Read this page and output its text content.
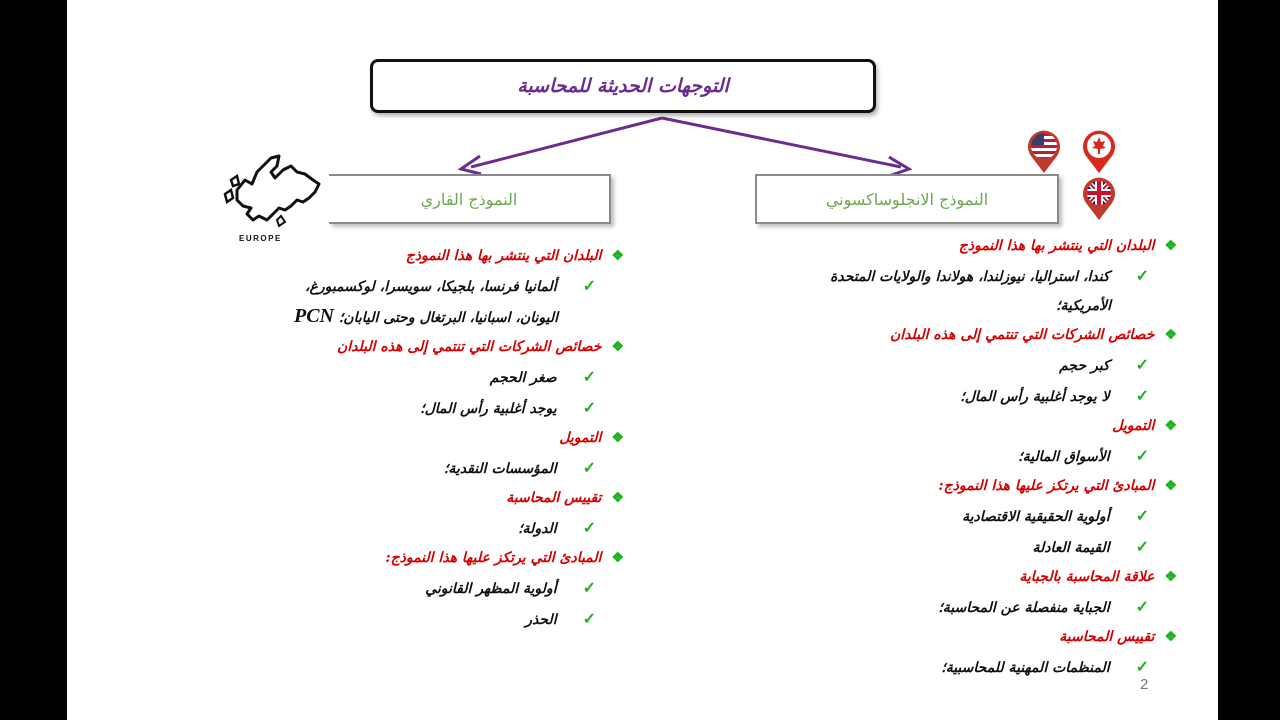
التوجهات الحديثة للمحاسبة
EUROPE
النموذج الانجلوساكسوني
النموذج القاري
❖البلدان التي ينتشر بها هذا النموذج
✓كندا، استراليا، نيوزلندا، هولاندا والولايات المتحدة
الأمريكية؛
❖خصائص الشركات التي تنتمي إلى هذه البلدان
✓كبر حجم
✓لا يوجد أغلبية رأس المال؛
❖التمويل
✓الأسواق المالية؛
❖المبادئ التي يرتكز عليها هذا النموذج:
✓أولوية الحقيقية الاقتصادية
✓القيمة العادلة
❖علاقة المحاسبة بالجباية
✓الجباية منفصلة عن المحاسبة؛
❖تقييس المحاسبة
✓المنظمات المهنية للمحاسبية؛
❖البلدان التي ينتشر بها هذا النموذج
✓ألمانيا فرنسا، بلجيكا، سويسرا، لوكسمبورغ،
اليونان، اسبانيا، البرتغال وحتى اليابان؛ PCN
❖خصائص الشركات التي تنتمي إلى هذه البلدان
✓صغر الحجم
✓يوجد أغلبية رأس المال؛
❖التمويل
✓المؤسسات النقدية؛
❖تقييس المحاسبة
✓الدولة؛
❖المبادئ التي يرتكز عليها هذا النموذج:
✓أولوية المظهر القانوني
✓الحذر
2
